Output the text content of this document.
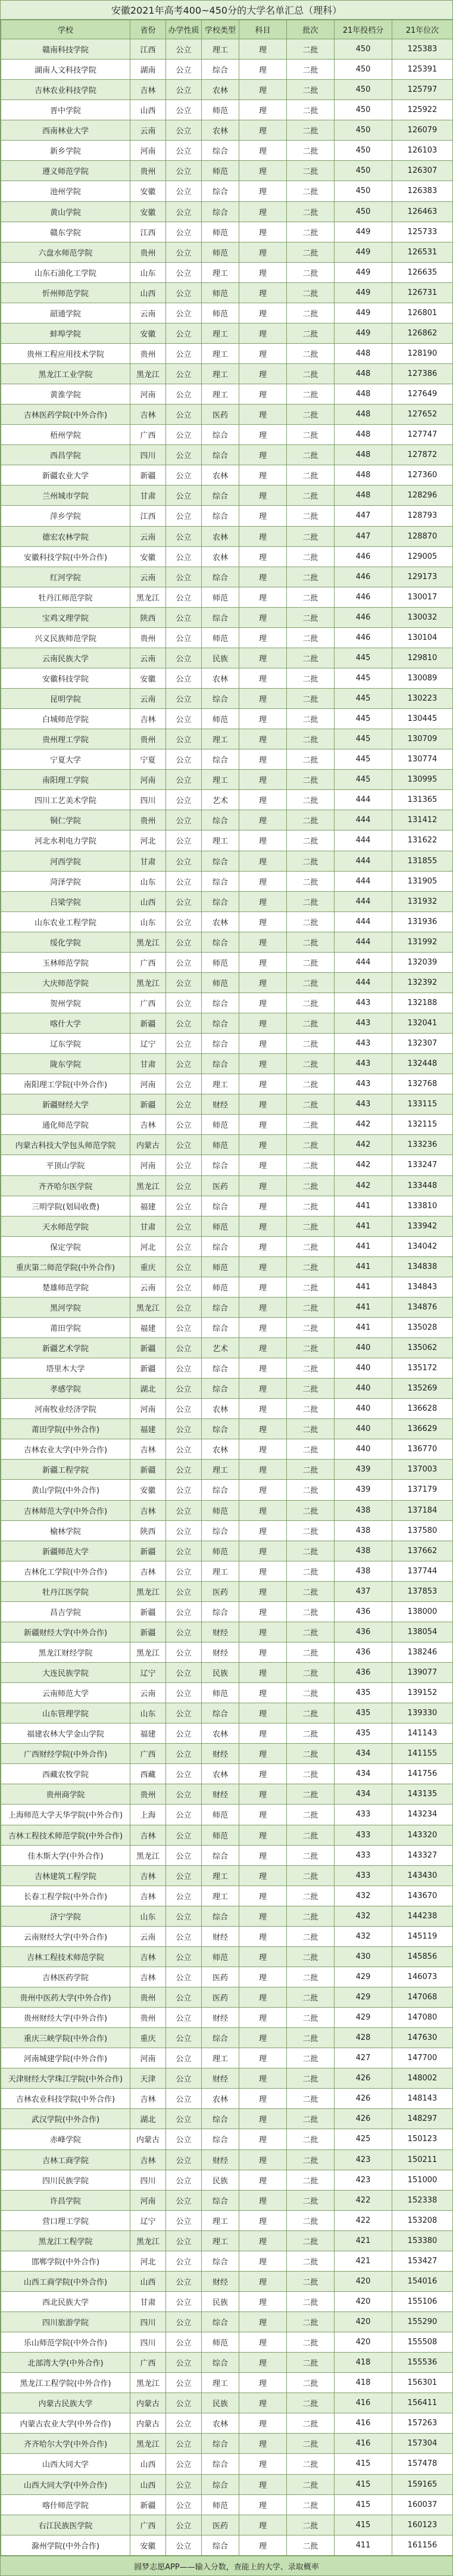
安徽2021年高考400~450分的大学名单汇总（理科）
学校	省份	办学性质	学校类型	科目	批次	21年投档分	21年位次
赣南科技学院	江西	公立	理工	理	二批	450	125383
湖南人文科技学院	湖南	公立	综合	理	二批	450	125391
吉林农业科技学院	吉林	公立	农林	理	二批	450	125797
晋中学院	山西	公立	师范	理	二批	450	125922
西南林业大学	云南	公立	农林	理	二批	450	126079
新乡学院	河南	公立	综合	理	二批	450	126103
遵义师范学院	贵州	公立	师范	理	二批	450	126307
池州学院	安徽	公立	综合	理	二批	450	126383
黄山学院	安徽	公立	综合	理	二批	450	126463
赣东学院	江西	公立	师范	理	二批	449	125733
六盘水师范学院	贵州	公立	师范	理	二批	449	126531
山东石油化工学院	山东	公立	理工	理	二批	449	126635
忻州师范学院	山西	公立	师范	理	二批	449	126731
韶通学院	云南	公立	师范	理	二批	449	126801
蚌埠学院	安徽	公立	理工	理	二批	449	126862
贵州工程应用技术学院	贵州	公立	理工	理	二批	448	128190
黑龙江工业学院	黑龙江	公立	理工	理	二批	448	127386
黄淮学院	河南	公立	理工	理	二批	448	127649
吉林医药学院(中外合作)	吉林	公立	医药	理	二批	448	127652
梧州学院	广西	公立	综合	理	二批	448	127747
西昌学院	四川	公立	综合	理	二批	448	127872
新疆农业大学	新疆	公立	农林	理	二批	448	127360
兰州城市学院	甘肃	公立	综合	理	二批	448	128296
萍乡学院	江西	公立	综合	理	二批	447	128793
德宏农林学院	云南	公立	农林	理	二批	447	128870
安徽科技学院(中外合作)	安徽	公立	农林	理	二批	446	129005
红河学院	云南	公立	综合	理	二批	446	129173
牡丹江师范学院	黑龙江	公立	师范	理	二批	446	130017
宝鸡文理学院	陕西	公立	综合	理	二批	446	130032
兴义民族师范学院	贵州	公立	师范	理	二批	446	130104
云南民族大学	云南	公立	民族	理	二批	445	129810
安徽科技学院	安徽	公立	农林	理	二批	445	130089
昆明学院	云南	公立	综合	理	二批	445	130223
白城师范学院	吉林	公立	师范	理	二批	445	130445
贵州理工学院	贵州	公立	理工	理	二批	445	130709
宁夏大学	宁夏	公立	综合	理	二批	445	130774
南阳理工学院	河南	公立	理工	理	二批	445	130995
四川工艺美术学院	四川	公立	艺术	理	二批	444	131365
铜仁学院	贵州	公立	综合	理	二批	444	131412
河北水利电力学院	河北	公立	理工	理	二批	444	131622
河西学院	甘肃	公立	综合	理	二批	444	131855
菏泽学院	山东	公立	综合	理	二批	444	131905
吕梁学院	山西	公立	综合	理	二批	444	131932
山东农业工程学院	山东	公立	农林	理	二批	444	131936
绥化学院	黑龙江	公立	综合	理	二批	444	131992
玉林师范学院	广西	公立	师范	理	二批	444	132039
大庆师范学院	黑龙江	公立	师范	理	二批	444	132392
贺州学院	广西	公立	综合	理	二批	443	132188
喀什大学	新疆	公立	综合	理	二批	443	132041
辽东学院	辽宁	公立	综合	理	二批	443	132307
陇东学院	甘肃	公立	综合	理	二批	443	132448
南阳理工学院(中外合作)	河南	公立	理工	理	二批	443	132768
新疆财经大学	新疆	公立	财经	理	二批	443	133115
通化师范学院	吉林	公立	师范	理	二批	442	132115
内蒙古科技大学包头师范学院	内蒙古	公立	师范	理	二批	442	133236
平顶山学院	河南	公立	综合	理	二批	442	133247
齐齐哈尔医学院	黑龙江	公立	医药	理	二批	442	133448
三明学院(划局收费)	福建	公立	综合	理	二批	441	133810
天水师范学院	甘肃	公立	师范	理	二批	441	133942
保定学院	河北	公立	综合	理	二批	441	134042
重庆第二师范学院(中外合作)	重庆	公立	师范	理	二批	441	134838
楚雄师范学院	云南	公立	师范	理	二批	441	134843
黑河学院	黑龙江	公立	综合	理	二批	441	134876
莆田学院	福建	公立	综合	理	二批	441	135028
新疆艺术学院	新疆	公立	艺术	理	二批	440	135062
塔里木大学	新疆	公立	综合	理	二批	440	135172
孝感学院	湖北	公立	综合	理	二批	440	135269
河南牧业经济学院	河南	公立	农林	理	二批	440	136628
莆田学院(中外合作)	福建	公立	综合	理	二批	440	136629
吉林农业大学(中外合作)	吉林	公立	农林	理	二批	440	136770
新疆工程学院	新疆	公立	理工	理	二批	439	137003
黄山学院(中外合作)	安徽	公立	综合	理	二批	439	137179
吉林师范大学(中外合作)	吉林	公立	师范	理	二批	438	137184
榆林学院	陕西	公立	综合	理	二批	438	137580
新疆师范大学	新疆	公立	师范	理	二批	438	137662
吉林化工学院(中外合作)	吉林	公立	理工	理	二批	438	137744
牡丹江医学院	黑龙江	公立	医药	理	二批	437	137853
昌吉学院	新疆	公立	综合	理	二批	436	138000
新疆财经大学(中外合作)	新疆	公立	财经	理	二批	436	138054
黑龙江财经学院	黑龙江	公立	财经	理	二批	436	138246
大连民族学院	辽宁	公立	民族	理	二批	436	139077
云南师范大学	云南	公立	师范	理	二批	435	139152
山东管理学院	山东	公立	综合	理	二批	435	139330
福建农林大学金山学院	福建	公立	农林	理	二批	435	141143
广西财经学院(中外合作)	广西	公立	财经	理	二批	434	141155
西藏农牧学院	西藏	公立	农林	理	二批	434	141756
贵州商学院	贵州	公立	财经	理	二批	434	143135
上海师范大学天华学院(中外合作)	上海	公立	师范	理	二批	433	143234
吉林工程技术师范学院(中外合作)	吉林	公立	师范	理	二批	433	143320
佳木斯大学(中外合作)	黑龙江	公立	综合	理	二批	433	143327
吉林建筑工程学院	吉林	公立	理工	理	二批	433	143430
长春工程学院(中外合作)	吉林	公立	理工	理	二批	432	143670
济宁学院	山东	公立	综合	理	二批	432	144238
云南财经大学(中外合作)	云南	公立	财经	理	二批	432	145119
吉林工程技术师范学院	吉林	公立	师范	理	二批	430	145856
吉林医药学院	吉林	公立	医药	理	二批	429	146073
贵州中医药大学(中外合作)	贵州	公立	医药	理	二批	429	147068
贵州财经大学(中外合作)	贵州	公立	财经	理	二批	429	147080
重庆三峡学院(中外合作)	重庆	公立	综合	理	二批	428	147630
河南城建学院(中外合作)	河南	公立	理工	理	二批	427	147700
天津财经大学珠江学院(中外合作)	天津	公立	财经	理	二批	426	148002
吉林农业科技学院(中外合作)	吉林	公立	农林	理	二批	426	148143
武汉学院(中外合作)	湖北	公立	综合	理	二批	426	148297
赤峰学院	内蒙古	公立	综合	理	二批	425	150123
吉林工商学院	吉林	公立	财经	理	二批	423	150211
四川民族学院	四川	公立	民族	理	二批	423	151000
许昌学院	河南	公立	综合	理	二批	422	152338
营口理工学院	辽宁	公立	理工	理	二批	422	153208
黑龙江工程学院	黑龙江	公立	理工	理	二批	421	153380
邯郸学院(中外合作)	河北	公立	综合	理	二批	421	153427
山西工商学院(中外合作)	山西	公立	财经	理	二批	420	154016
西北民族大学	甘肃	公立	民族	理	二批	420	155106
四川旅游学院	四川	公立	综合	理	二批	420	155290
乐山师范学院(中外合作)	四川	公立	师范	理	二批	420	155508
北部湾大学(中外合作)	广西	公立	综合	理	二批	418	155536
黑龙江工程学院(中外合作)	黑龙江	公立	理工	理	二批	418	156301
内蒙古民族大学	内蒙古	公立	民族	理	二批	416	156411
内蒙古农业大学(中外合作)	内蒙古	公立	农林	理	二批	416	157263
齐齐哈尔大学(中外合作)	黑龙江	公立	综合	理	二批	416	157304
山西大同大学	山西	公立	综合	理	二批	415	157478
山西大同大学(中外合作)	山西	公立	综合	理	二批	415	159165
喀什师范学院	新疆	公立	师范	理	二批	415	160037
右江民族医学院	广西	公立	医药	理	二批	415	160123
滁州学院(中外合作)	安徽	公立	综合	理	二批	411	161156
圆梦志愿APP——输入分数，查能上的大学、录取概率
